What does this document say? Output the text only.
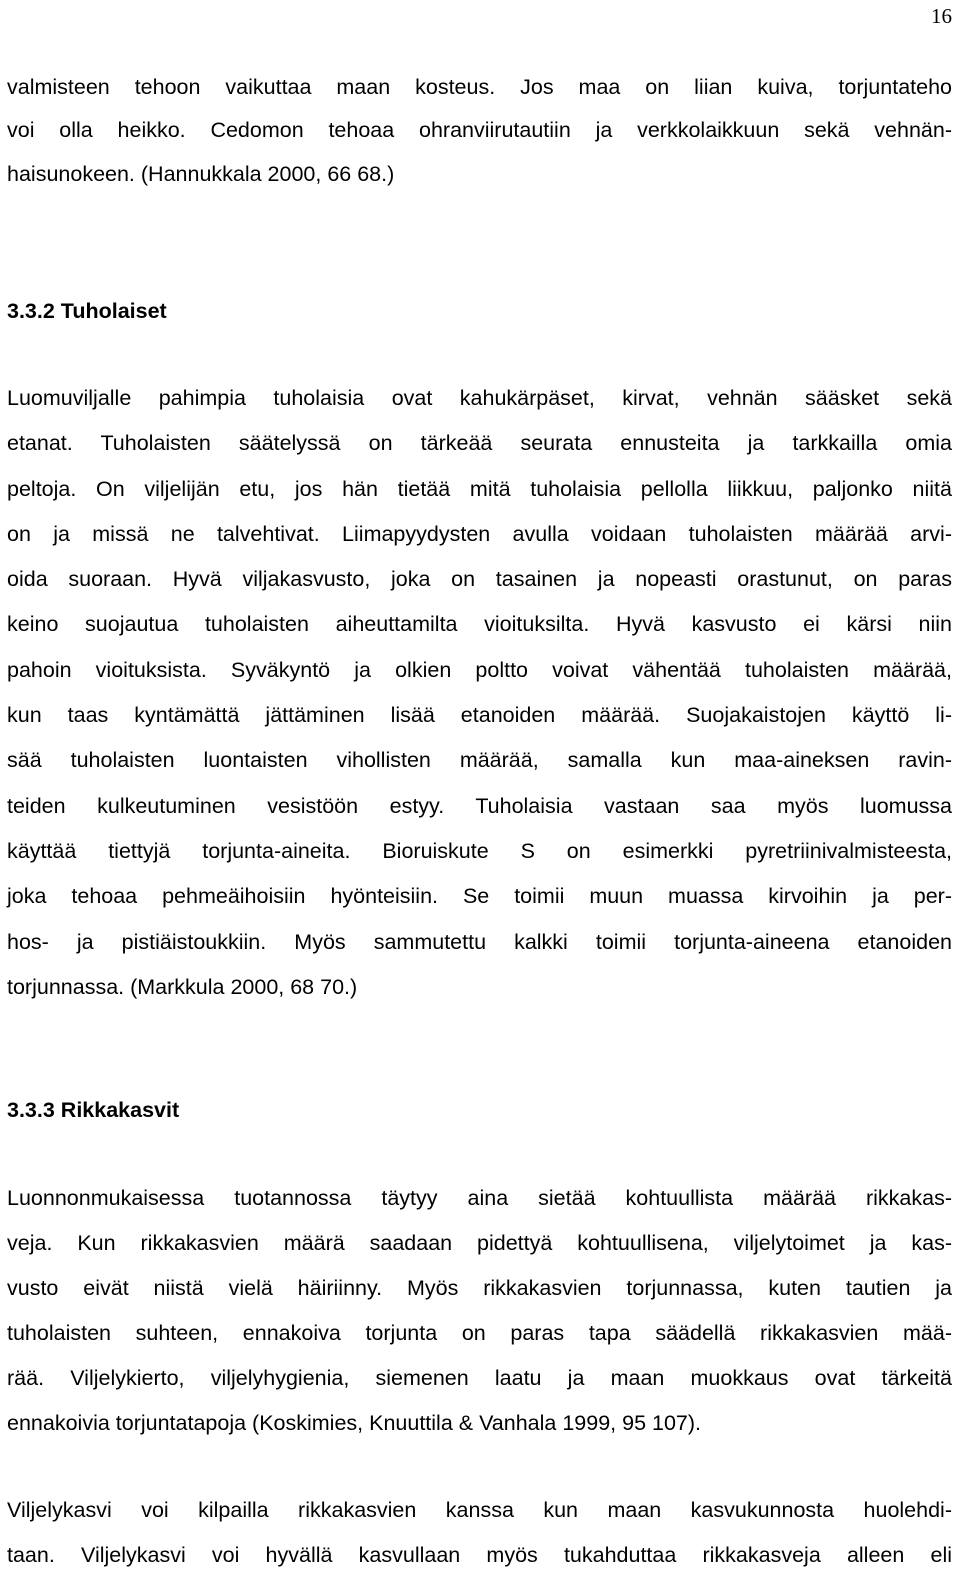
16
valmisteen tehoon vaikuttaa maan kosteus. Jos maa on liian kuiva, torjuntateho
voi olla heikko. Cedomon tehoaa ohranviirutautiin ja verkkolaikkuun sekä vehnän-
haisunokeen. (Hannukkala 2000, 66 68.)
3.3.2 Tuholaiset
Luomuviljalle pahimpia tuholaisia ovat kahukärpäset, kirvat, vehnän sääsket sekä
etanat. Tuholaisten säätelyssä on tärkeää seurata ennusteita ja tarkkailla omia
peltoja. On viljelijän etu, jos hän tietää mitä tuholaisia pellolla liikkuu, paljonko niitä
on ja missä ne talvehtivat. Liimapyydysten avulla voidaan tuholaisten määrää arvi-
oida suoraan. Hyvä viljakasvusto, joka on tasainen ja nopeasti orastunut, on paras
keino suojautua tuholaisten aiheuttamilta vioituksilta. Hyvä kasvusto ei kärsi niin
pahoin vioituksista. Syväkyntö ja olkien poltto voivat vähentää tuholaisten määrää,
kun taas kyntämättä jättäminen lisää etanoiden määrää. Suojakaistojen käyttö li-
sää tuholaisten luontaisten vihollisten määrää, samalla kun maa-aineksen ravin-
teiden kulkeutuminen vesistöön estyy. Tuholaisia vastaan saa myös luomussa
käyttää tiettyjä torjunta-aineita. Bioruiskute S on esimerkki pyretriinivalmisteesta,
joka tehoaa pehmeäihoisiin hyönteisiin. Se toimii muun muassa kirvoihin ja per-
hos- ja pistiäistoukkiin. Myös sammutettu kalkki toimii torjunta-aineena etanoiden
torjunnassa. (Markkula 2000, 68 70.)
3.3.3 Rikkakasvit
Luonnonmukaisessa tuotannossa täytyy aina sietää kohtuullista määrää rikkakas-
veja. Kun rikkakasvien määrä saadaan pidettyä kohtuullisena, viljelytoimet ja kas-
vusto eivät niistä vielä häiriinny. Myös rikkakasvien torjunnassa, kuten tautien ja
tuholaisten suhteen, ennakoiva torjunta on paras tapa säädellä rikkakasvien mää-
rää. Viljelykierto, viljelyhygienia, siemenen laatu ja maan muokkaus ovat tärkeitä
ennakoivia torjuntatapoja (Koskimies, Knuuttila & Vanhala 1999, 95 107).
Viljelykasvi voi kilpailla rikkakasvien kanssa kun maan kasvukunnosta huolehdi-
taan. Viljelykasvi voi hyvällä kasvullaan myös tukahduttaa rikkakasveja alleen eli
